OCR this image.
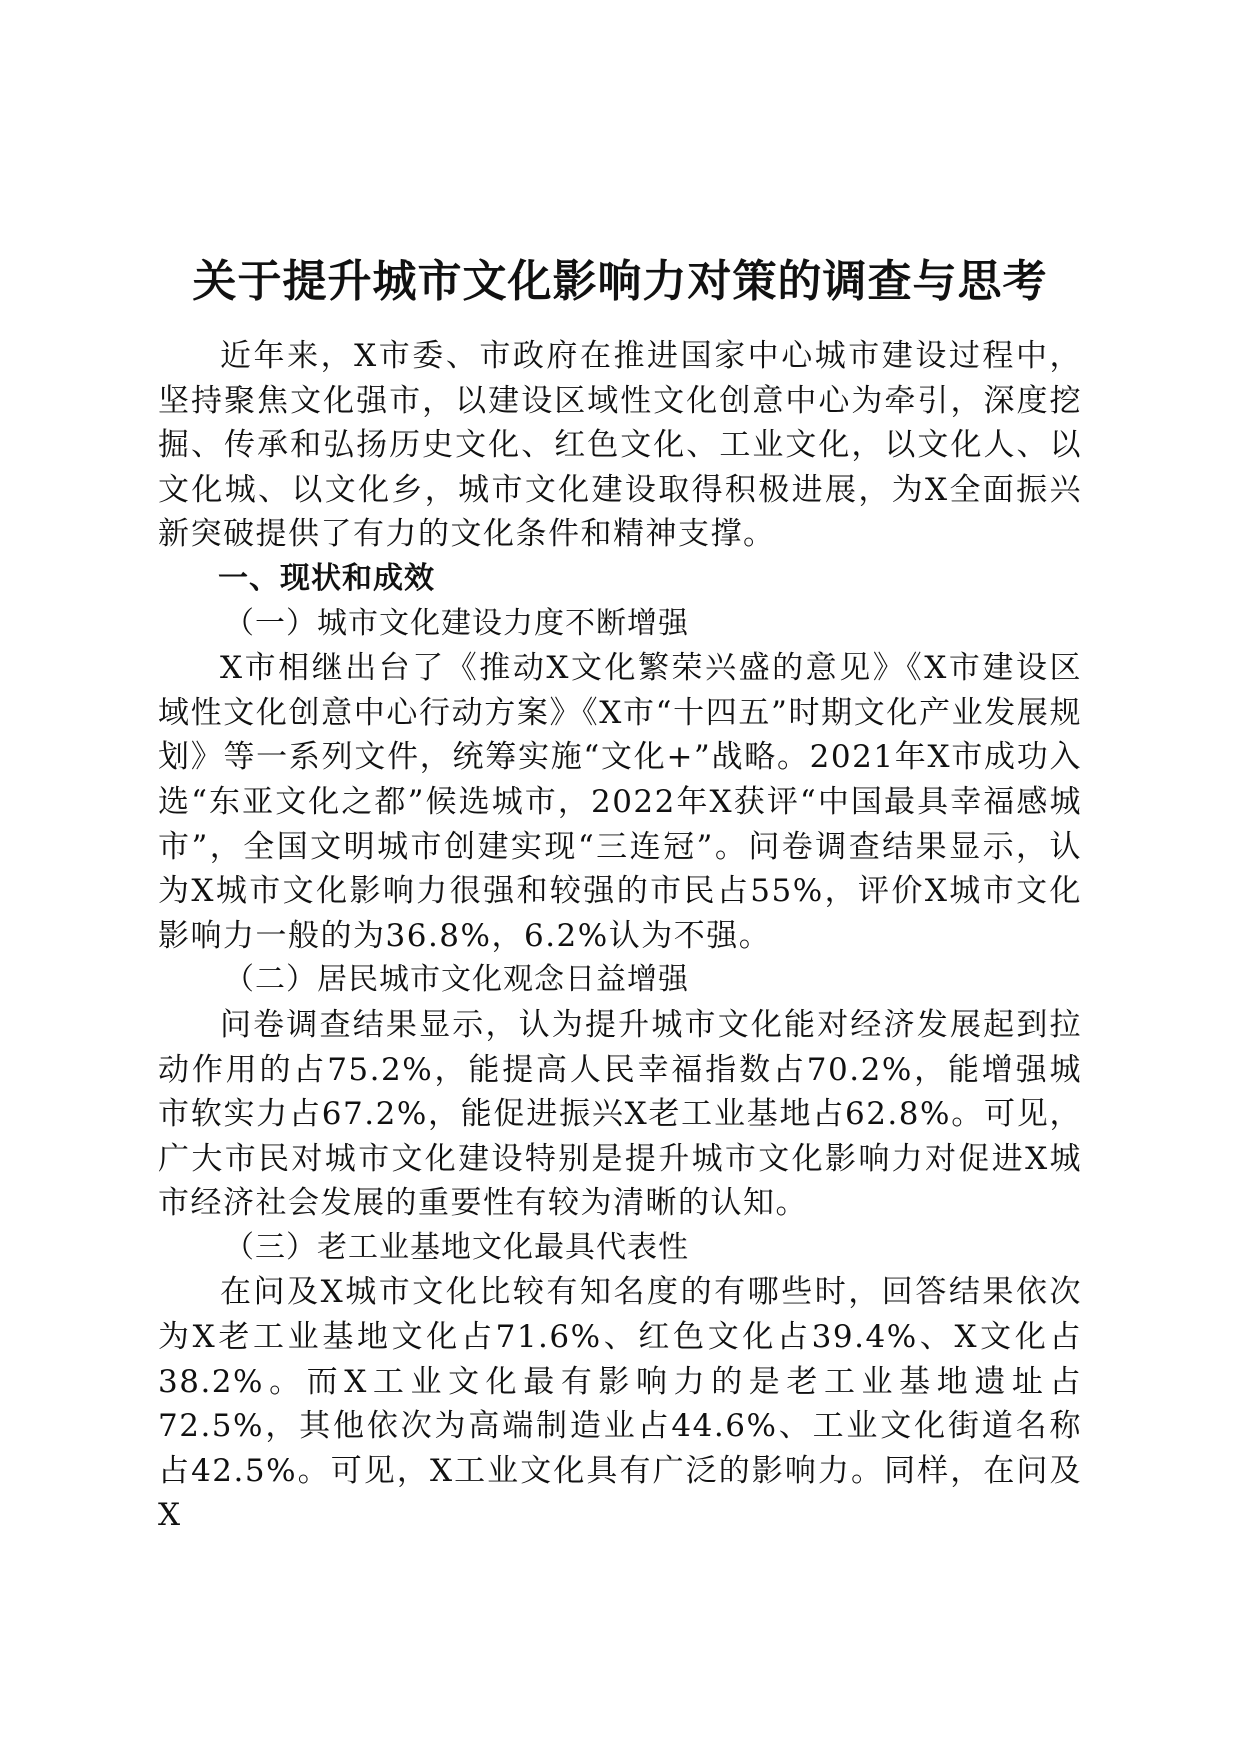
关于提升城市文化影响力对策的调查与思考

近年来，X市委、市政府在推进国家中心城市建设过程中，坚持聚焦文化强市，以建设区域性文化创意中心为牵引，深度挖掘、传承和弘扬历史文化、红色文化、工业文化，以文化人、以文化城、以文化乡，城市文化建设取得积极进展，为X全面振兴新突破提供了有力的文化条件和精神支撑。

一、现状和成效

（一）城市文化建设力度不断增强

X市相继出台了《推动X文化繁荣兴盛的意见》《X市建设区域性文化创意中心行动方案》《X市“十四五”时期文化产业发展规划》等一系列文件，统筹实施“文化+”战略。2021年X市成功入选“东亚文化之都”候选城市，2022年X获评“中国最具幸福感城市”，全国文明城市创建实现“三连冠”。问卷调查结果显示，认为X城市文化影响力很强和较强的市民占55%，评价X城市文化影响力一般的为36.8%，6.2%认为不强。

（二）居民城市文化观念日益增强

问卷调查结果显示，认为提升城市文化能对经济发展起到拉动作用的占75.2%，能提高人民幸福指数占70.2%，能增强城市软实力占67.2%，能促进振兴X老工业基地占62.8%。可见，广大市民对城市文化建设特别是提升城市文化影响力对促进X城市经济社会发展的重要性有较为清晰的认知。

（三）老工业基地文化最具代表性

在问及X城市文化比较有知名度的有哪些时，回答结果依次为X老工业基地文化占71.6%、红色文化占39.4%、X文化占38.2%。而X工业文化最有影响力的是老工业基地遗址占72.5%，其他依次为高端制造业占44.6%、工业文化街道名称占42.5%。可见，X工业文化具有广泛的影响力。同样，在问及X
